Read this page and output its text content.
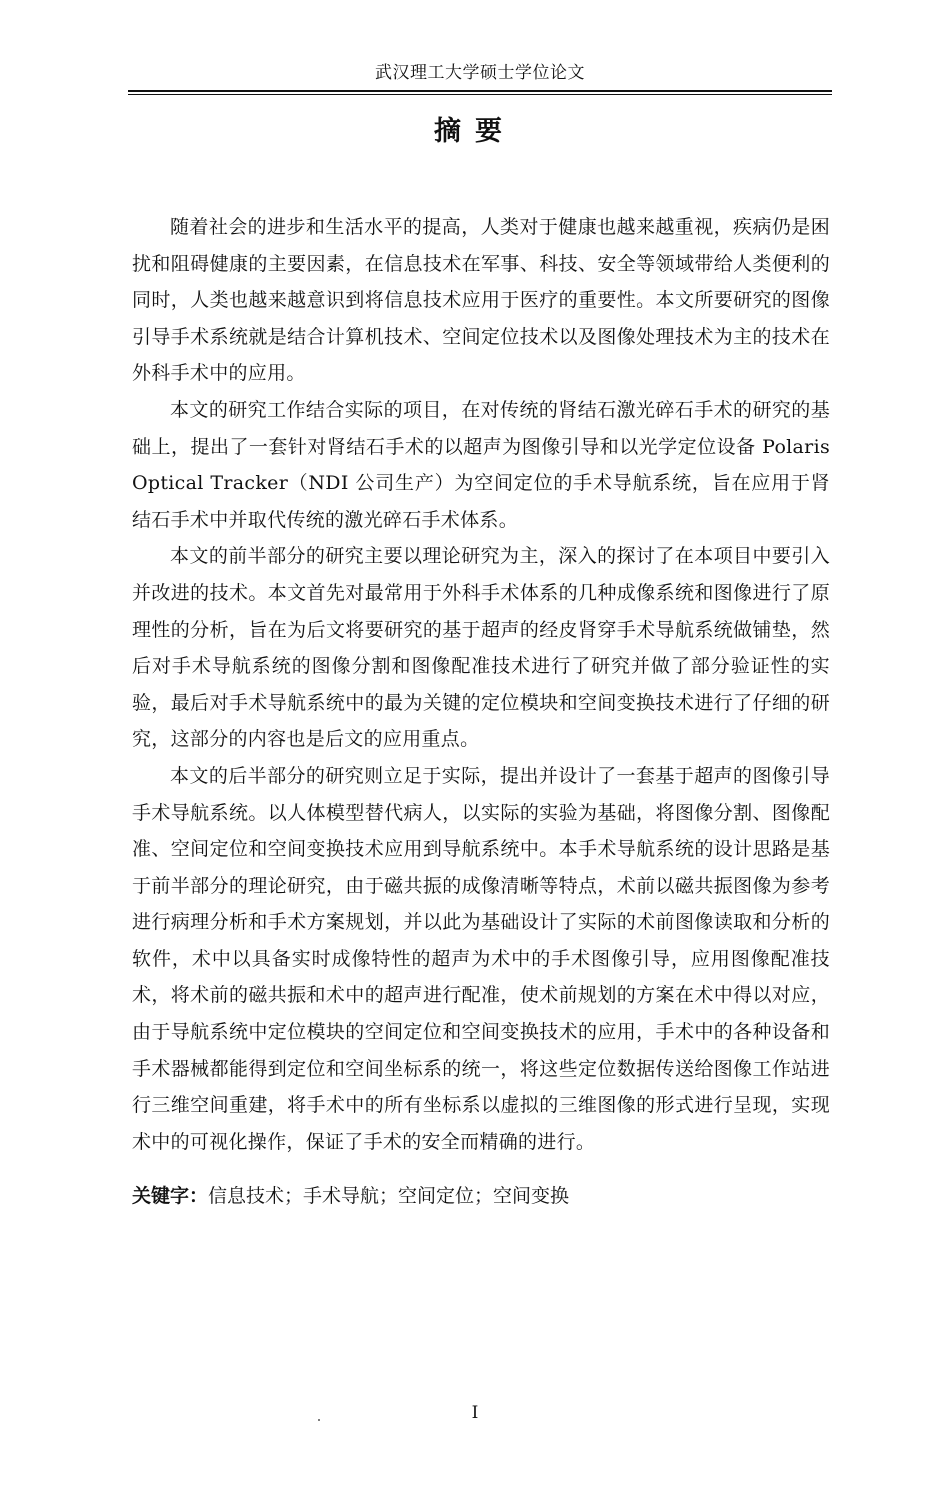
武汉理工大学硕士学位论文
摘要

随着社会的进步和生活水平的提高，人类对于健康也越来越重视，疾病仍是困扰和阻碍健康的主要因素，在信息技术在军事、科技、安全等领域带给人类便利的同时，人类也越来越意识到将信息技术应用于医疗的重要性。本文所要研究的图像引导手术系统就是结合计算机技术、空间定位技术以及图像处理技术为主的技术在外科手术中的应用。

本文的研究工作结合实际的项目，在对传统的肾结石激光碎石手术的研究的基础上，提出了一套针对肾结石手术的以超声为图像引导和以光学定位设备 Polaris Optical Tracker（NDI 公司生产）为空间定位的手术导航系统，旨在应用于肾结石手术中并取代传统的激光碎石手术体系。

本文的前半部分的研究主要以理论研究为主，深入的探讨了在本项目中要引入并改进的技术。本文首先对最常用于外科手术体系的几种成像系统和图像进行了原理性的分析，旨在为后文将要研究的基于超声的经皮肾穿手术导航系统做铺垫，然后对手术导航系统的图像分割和图像配准技术进行了研究并做了部分验证性的实验，最后对手术导航系统中的最为关键的定位模块和空间变换技术进行了仔细的研究，这部分的内容也是后文的应用重点。

本文的后半部分的研究则立足于实际，提出并设计了一套基于超声的图像引导手术导航系统。以人体模型替代病人，以实际的实验为基础，将图像分割、图像配准、空间定位和空间变换技术应用到导航系统中。本手术导航系统的设计思路是基于前半部分的理论研究，由于磁共振的成像清晰等特点，术前以磁共振图像为参考进行病理分析和手术方案规划，并以此为基础设计了实际的术前图像读取和分析的软件，术中以具备实时成像特性的超声为术中的手术图像引导，应用图像配准技术，将术前的磁共振和术中的超声进行配准，使术前规划的方案在术中得以对应，由于导航系统中定位模块的空间定位和空间变换技术的应用，手术中的各种设备和手术器械都能得到定位和空间坐标系的统一，将这些定位数据传送给图像工作站进行三维空间重建，将手术中的所有坐标系以虚拟的三维图像的形式进行呈现，实现术中的可视化操作，保证了手术的安全而精确的进行。

关键字：信息技术；手术导航；空间定位；空间变换
I
